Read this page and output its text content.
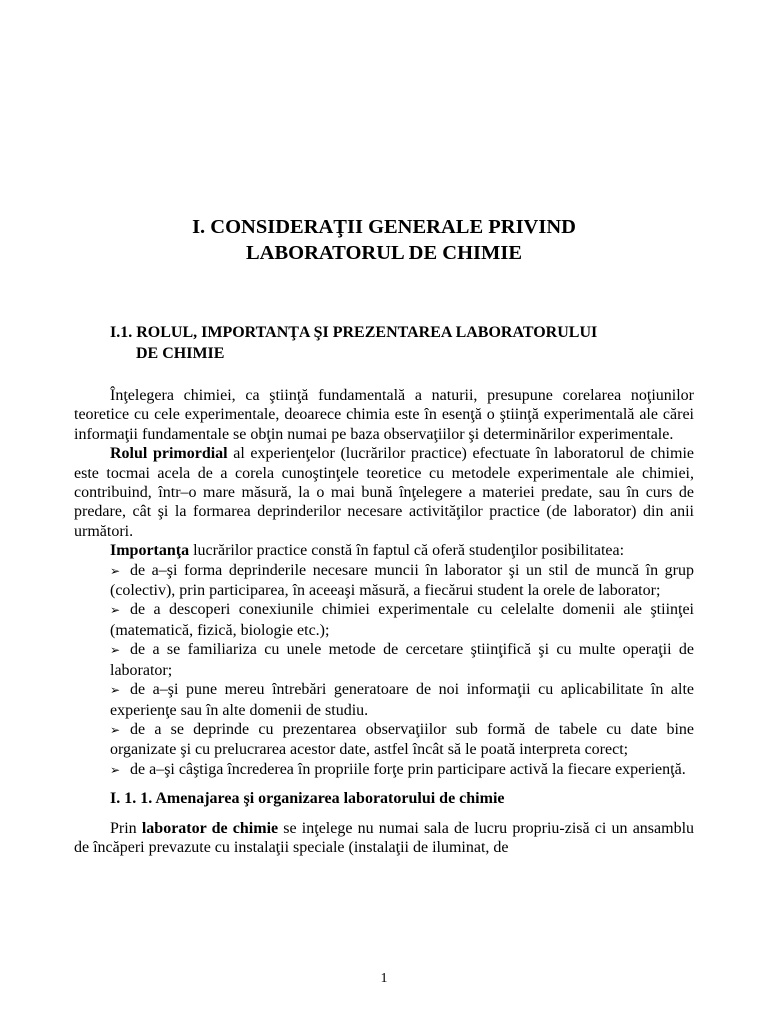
I. CONSIDERAŢII GENERALE PRIVIND
LABORATORUL DE CHIMIE
I.1. ROLUL, IMPORTANŢA ŞI PREZENTAREA LABORATORULUI
DE CHIMIE

Înţelegera chimiei, ca ştiinţă fundamentală a naturii, presupune corelarea noţiunilor teoretice cu cele experimentale, deoarece chimia este în esenţă o ştiinţă experimentală ale cărei informaţii fundamentale se obţin numai pe baza observaţiilor şi determinărilor experimentale.

Rolul primordial al experienţelor (lucrărilor practice) efectuate în laboratorul de chimie este tocmai acela de a corela cunoştinţele teoretice cu metodele experimentale ale chimiei, contribuind, într–o mare măsură, la o mai bună înţelegere a materiei predate, sau în curs de predare, cât şi la formarea deprinderilor necesare activităţilor practice (de laborator) din anii următori.

Importanţa lucrărilor practice constă în faptul că oferă studenţilor posibilitatea:

➢ de a–şi forma deprinderile necesare muncii în laborator şi un stil de muncă în grup (colectiv), prin participarea, în aceeaşi măsură, a fiecărui student la orele de laborator;
➢ de a descoperi conexiunile chimiei experimentale cu celelalte domenii ale ştiinţei (matematică, fizică, biologie etc.);
➢ de a se familiariza cu unele metode de cercetare ştiinţifică şi cu multe operaţii de laborator;
➢ de a–şi pune mereu întrebări generatoare de noi informaţii cu aplicabilitate în alte experienţe sau în alte domenii de studiu.
➢ de a se deprinde cu prezentarea observaţiilor sub formă de tabele cu date bine organizate şi cu prelucrarea acestor date, astfel încât să le poată interpreta corect;
➢ de a–şi câştiga încrederea în propriile forţe prin participare activă la fiecare experienţă.
I. 1. 1. Amenajarea şi organizarea laboratorului de chimie

Prin laborator de chimie se inţelege nu numai sala de lucru propriu-zisă ci un ansamblu de încăperi prevazute cu instalaţii speciale (instalaţii de iluminat, de

1
